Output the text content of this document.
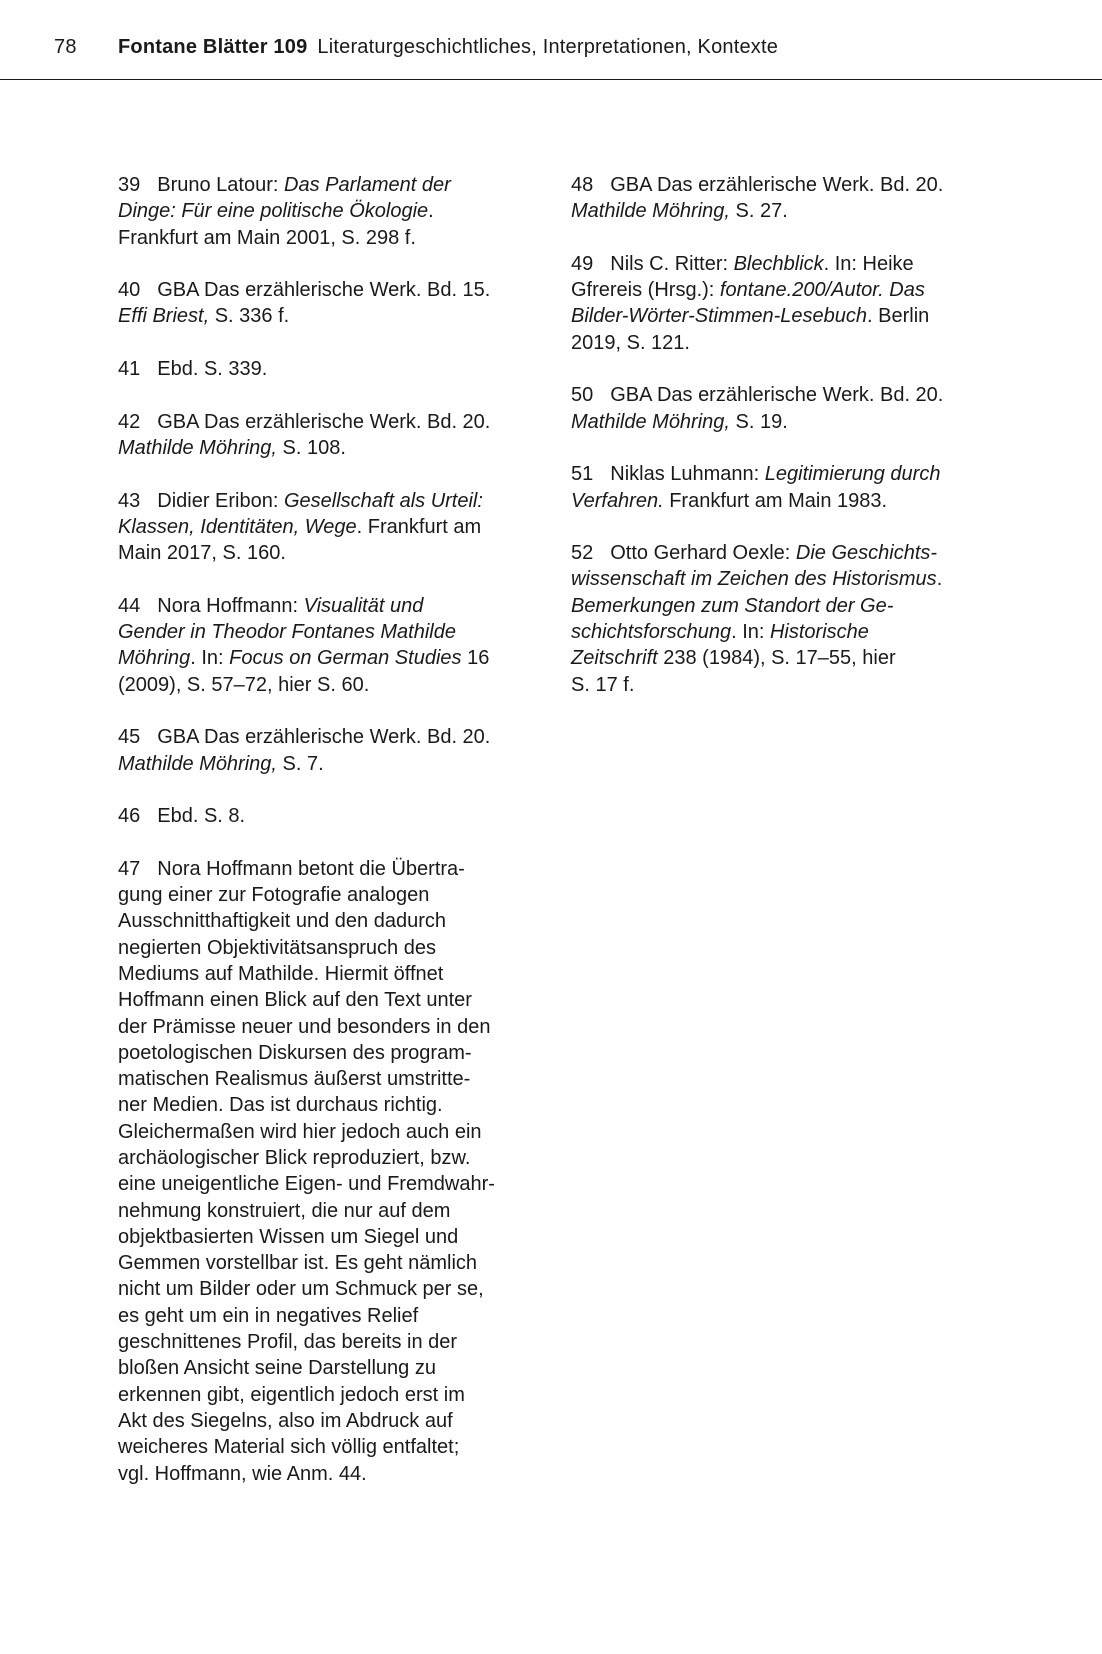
78 Fontane Blätter 109 Literaturgeschichtliches, Interpretationen, Kontexte
39 Bruno Latour: Das Parlament der
Dinge: Für eine politische Ökologie.
Frankfurt am Main 2001, S. 298 f.
40 GBA Das erzählerische Werk. Bd. 15.
Effi Briest, S. 336 f.
41 Ebd. S. 339.
42 GBA Das erzählerische Werk. Bd. 20.
Mathilde Möhring, S. 108.
43 Didier Eribon: Gesellschaft als Urteil:
Klassen, Identitäten, Wege. Frankfurt am
Main 2017, S. 160.
44 Nora Hoffmann: Visualität und
Gender in Theodor Fontanes Mathilde
Möhring. In: Focus on German Studies 16
(2009), S. 57–72, hier S. 60.
45 GBA Das erzählerische Werk. Bd. 20.
Mathilde Möhring, S. 7.
46 Ebd. S. 8.
47 Nora Hoffmann betont die Übertra-
gung einer zur Fotografie analogen
Ausschnitthaftigkeit und den dadurch
negierten Objektivitätsanspruch des
Mediums auf Mathilde. Hiermit öffnet
Hoffmann einen Blick auf den Text unter
der Prämisse neuer und besonders in den
poetologischen Diskursen des program-
matischen Realismus äußerst umstritte-
ner Medien. Das ist durchaus richtig.
Gleichermaßen wird hier jedoch auch ein
archäologischer Blick reproduziert, bzw.
eine uneigentliche Eigen- und Fremdwahr-
nehmung konstruiert, die nur auf dem
objektbasierten Wissen um Siegel und
Gemmen vorstellbar ist. Es geht nämlich
nicht um Bilder oder um Schmuck per se,
es geht um ein in negatives Relief
geschnittenes Profil, das bereits in der
bloßen Ansicht seine Darstellung zu
erkennen gibt, eigentlich jedoch erst im
Akt des Siegelns, also im Abdruck auf
weicheres Material sich völlig entfaltet;
vgl. Hoffmann, wie Anm. 44.
48 GBA Das erzählerische Werk. Bd. 20.
Mathilde Möhring, S. 27.
49 Nils C. Ritter: Blechblick. In: Heike
Gfrereis (Hrsg.): fontane.200/Autor. Das
Bilder-Wörter-Stimmen-Lesebuch. Berlin
2019, S. 121.
50 GBA Das erzählerische Werk. Bd. 20.
Mathilde Möhring, S. 19.
51 Niklas Luhmann: Legitimierung durch
Verfahren. Frankfurt am Main 1983.
52 Otto Gerhard Oexle: Die Geschichts-
wissenschaft im Zeichen des Historismus.
Bemerkungen zum Standort der Ge-
schichtsforschung. In: Historische
Zeitschrift 238 (1984), S. 17–55, hier
S. 17 f.
